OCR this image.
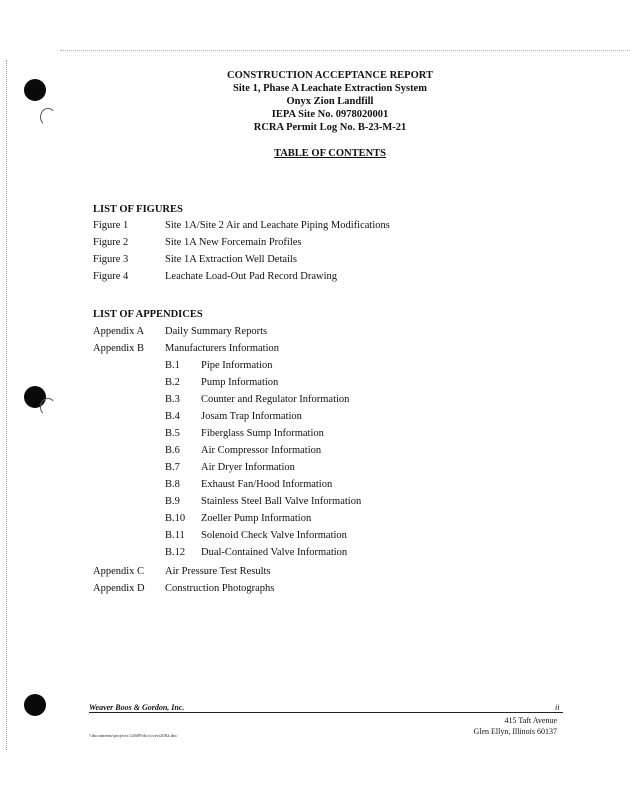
CONSTRUCTION ACCEPTANCE REPORT
Site 1, Phase A Leachate Extraction System
Onyx Zion Landfill
IEPA Site No. 0978020001
RCRA Permit Log No. B-23-M-21
TABLE OF CONTENTS
LIST OF FIGURES
Figure 1	Site 1A/Site 2 Air and Leachate Piping Modifications
Figure 2	Site 1A New Forcemain Profiles
Figure 3	Site 1A Extraction Well Details
Figure 4	Leachate Load-Out Pad Record Drawing
LIST OF APPENDICES
Appendix A Daily Summary Reports
Appendix B Manufacturers Information
B.1 Pipe Information
B.2 Pump Information
B.3 Counter and Regulator Information
B.4 Josam Trap Information
B.5 Fiberglass Sump Information
B.6 Air Compressor Information
B.7 Air Dryer Information
B.8 Exhaust Fan/Hood Information
B.9 Stainless Steel Ball Valve Information
B.10 Zoeller Pump Information
B.11 Solenoid Check Valve Information
B.12 Dual-Contained Valve Information
Appendix C Air Pressure Test Results
Appendix D Construction Photographs
Weaver Boos & Gordon, Inc.	ii
415 Taft Avenue
Glen Ellyn, Illinois 60137
\\documents\projects\12609\docs\cert2002.doc
